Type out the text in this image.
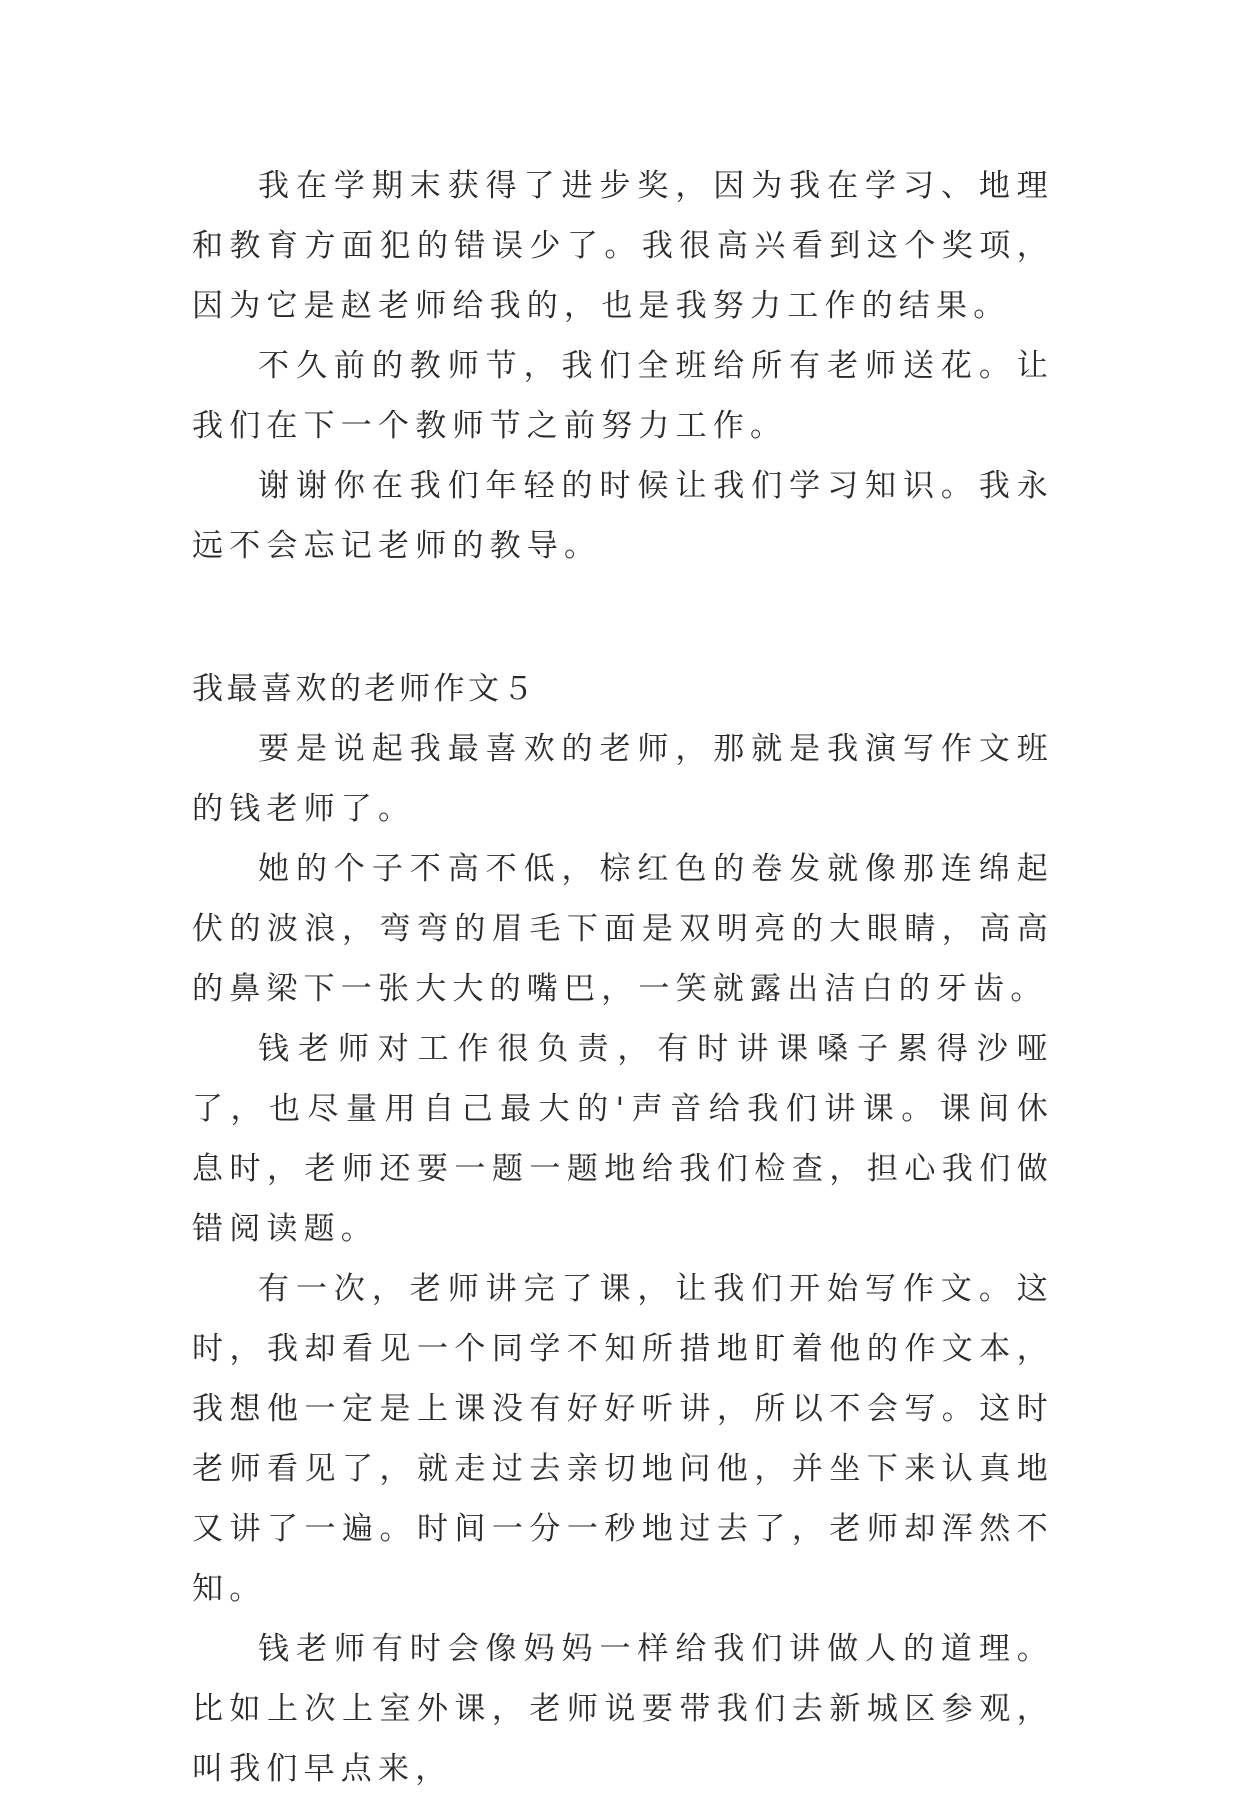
我在学期末获得了进步奖，因为我在学习、地理和教育方面犯的错误少了。我很高兴看到这个奖项，因为它是赵老师给我的，也是我努力工作的结果。

不久前的教师节，我们全班给所有老师送花。让我们在下一个教师节之前努力工作。

谢谢你在我们年轻的时候让我们学习知识。我永远不会忘记老师的教导。

我最喜欢的老师作文５

要是说起我最喜欢的老师，那就是我演写作文班的钱老师了。

她的个子不高不低，棕红色的卷发就像那连绵起伏的波浪，弯弯的眉毛下面是双明亮的大眼睛，高高的鼻梁下一张大大的嘴巴，一笑就露出洁白的牙齿。

钱老师对工作很负责，有时讲课嗓子累得沙哑了，也尽量用自己最大的'声音给我们讲课。课间休息时，老师还要一题一题地给我们检查，担心我们做错阅读题。

有一次，老师讲完了课，让我们开始写作文。这时，我却看见一个同学不知所措地盯着他的作文本，我想他一定是上课没有好好听讲，所以不会写。这时老师看见了，就走过去亲切地问他，并坐下来认真地又讲了一遍。时间一分一秒地过去了，老师却浑然不知。

钱老师有时会像妈妈一样给我们讲做人的道理。比如上次上室外课，老师说要带我们去新城区参观，叫我们早点来，
